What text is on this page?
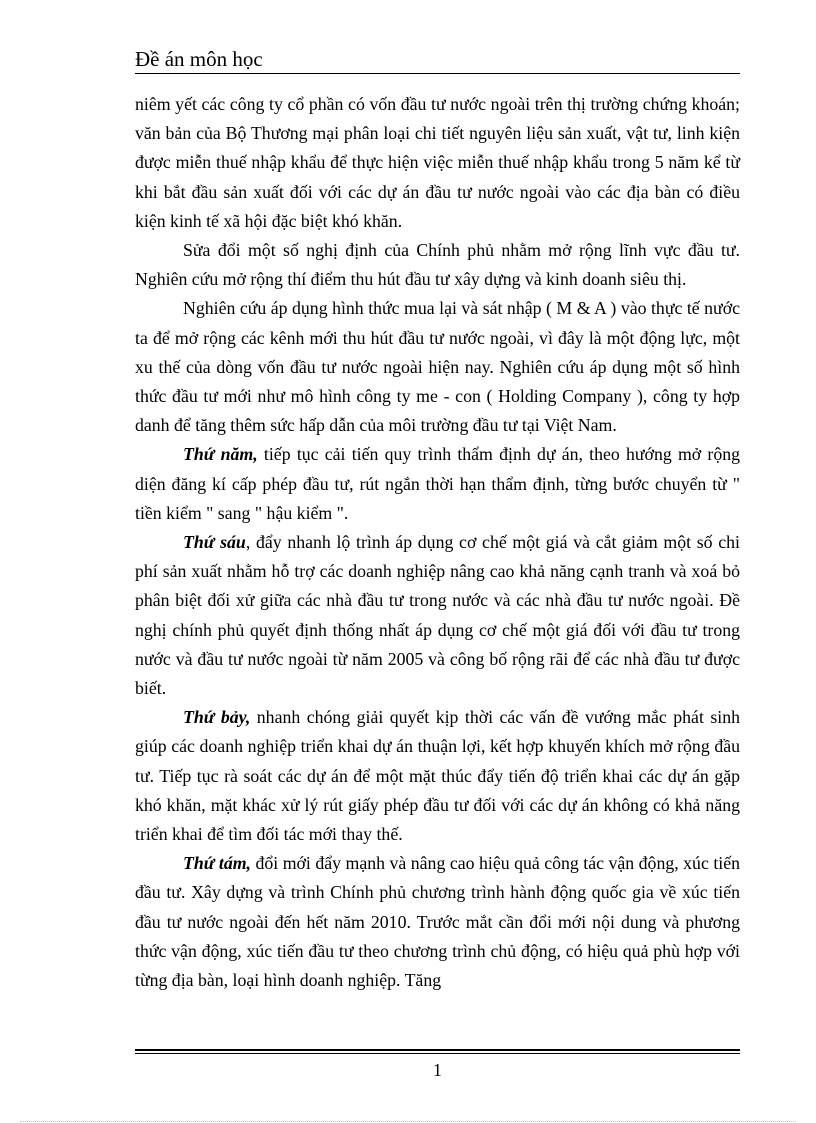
Đề án môn học

niêm yết các công ty cổ phần có vốn đầu tư nước ngoài trên thị trường chứng khoán; văn bản của Bộ Thương mại phân loại chi tiết nguyên liệu sản xuất, vật tư, linh kiện được miễn thuế nhập khẩu để thực hiện việc miễn thuế nhập khẩu trong 5 năm kể từ khi bắt đầu sản xuất đối với các dự án đầu tư nước ngoài vào các địa bàn có điều kiện kinh tế xã hội đặc biệt khó khăn.

Sửa đổi một số nghị định của Chính phủ nhằm mở rộng lĩnh vực đầu tư. Nghiên cứu mở rộng thí điểm thu hút đầu tư xây dựng và kinh doanh siêu thị.

Nghiên cứu áp dụng hình thức mua lại và sát nhập ( M & A ) vào thực tế nước ta để mở rộng các kênh mới thu hút đầu tư nước ngoài, vì đây là một động lực, một xu thế của dòng vốn đầu tư nước ngoài hiện nay. Nghiên cứu áp dụng một số hình thức đầu tư mới như mô hình công ty me - con ( Holding Company ), công ty hợp danh để tăng thêm sức hấp dẫn của môi trường đầu tư tại Việt Nam.

Thứ năm, tiếp tục cải tiến quy trình thẩm định dự án, theo hướng mở rộng diện đăng kí cấp phép đầu tư, rút ngắn thời hạn thẩm định, từng bước chuyển từ " tiền kiểm " sang " hậu kiểm ".

Thứ sáu, đẩy nhanh lộ trình áp dụng cơ chế một giá và cắt giảm một số chi phí sản xuất nhằm hỗ trợ các doanh nghiệp nâng cao khả năng cạnh tranh và xoá bỏ phân biệt đối xử giữa các nhà đầu tư trong nước và các nhà đầu tư nước ngoài. Đề nghị chính phủ quyết định thống nhất áp dụng cơ chế một giá đối với đầu tư trong nước và đầu tư nước ngoài từ năm 2005 và công bố rộng rãi để các nhà đầu tư được biết.

Thứ bảy, nhanh chóng giải quyết kịp thời các vấn đề vướng mắc phát sinh giúp các doanh nghiệp triển khai dự án thuận lợi, kết hợp khuyến khích mở rộng đầu tư. Tiếp tục rà soát các dự án để một mặt thúc đẩy tiến độ triển khai các dự án gặp khó khăn, mặt khác xử lý rút giấy phép đầu tư đối với các dự án không có khả năng triển khai để tìm đối tác mới thay thế.

Thứ tám, đổi mới đẩy mạnh và nâng cao hiệu quả công tác vận động, xúc tiến đầu tư. Xây dựng và trình Chính phủ chương trình hành động quốc gia về xúc tiến đầu tư nước ngoài đến hết năm 2010. Trước mắt cần đổi mới nội dung và phương thức vận động, xúc tiến đầu tư theo chương trình chủ động, có hiệu quả phù hợp với từng địa bàn, loại hình doanh nghiệp. Tăng

1
